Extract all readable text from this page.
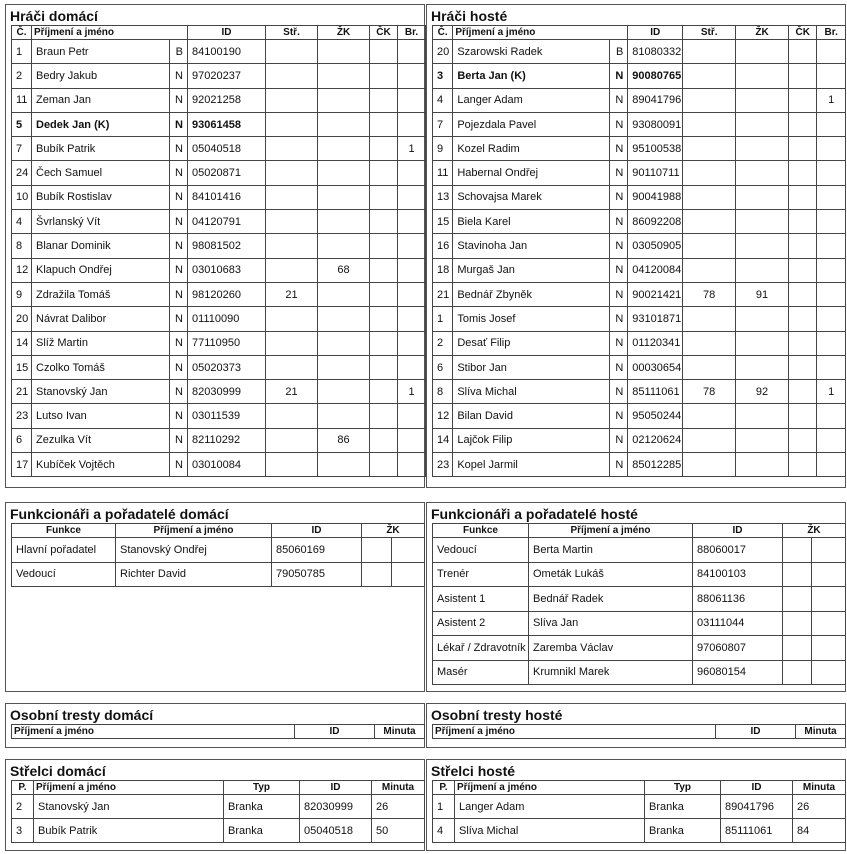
Hráči domácí
Č.	Příjmení a jméno		ID	Stř.	ŽK	ČK	Br.
1	Braun Petr	B	84100190				
2	Bedry Jakub	N	97020237				
11	Zeman Jan	N	92021258				
5	Dedek Jan (K)	N	93061458				
7	Bubík Patrik	N	05040518				1
24	Čech Samuel	N	05020871				
10	Bubík Rostislav	N	84101416				
4	Švrlanský Vít	N	04120791				
8	Blanar Dominik	N	98081502				
12	Klapuch Ondřej	N	03010683		68		
9	Zdražila Tomáš	N	98120260	21			
20	Návrat Dalibor	N	01110090				
14	Slíž Martin	N	77110950				
15	Czolko Tomáš	N	05020373				
21	Stanovský Jan	N	82030999	21			1
23	Lutso Ivan	N	03011539				
6	Zezulka Vít	N	82110292		86		
17	Kubíček Vojtěch	N	03010084				
Hráči hosté
Č.	Příjmení a jméno		ID	Stř.	ŽK	ČK	Br.
20	Szarowski Radek	B	81080332				
3	Berta Jan (K)	N	90080765				
4	Langer Adam	N	89041796				1
7	Pojezdala Pavel	N	93080091				
9	Kozel Radim	N	95100538				
11	Habernal Ondřej	N	90110711				
13	Schovajsa Marek	N	90041988				
15	Biela Karel	N	86092208				
16	Stavinoha Jan	N	03050905				
18	Murgaš Jan	N	04120084				
21	Bednář Zbyněk	N	90021421	78	91		
1	Tomis Josef	N	93101871				
2	Desať Filip	N	01120341				
6	Stibor Jan	N	00030654				
8	Slíva Michal	N	85111061	78	92		1
12	Bilan David	N	95050244				
14	Lajčok Filip	N	02120624				
23	Kopel Jarmil	N	85012285				
Funkcionáři a pořadatelé domácí
Funkce	Příjmení a jméno	ID	ŽK	
Hlavní pořadatel	Stanovský Ondřej	85060169		
Vedoucí	Richter David	79050785		
Funkcionáři a pořadatelé hosté
Funkce	Příjmení a jméno	ID	ŽK	
Vedoucí	Berta Martin	88060017		
Trenér	Ometák Lukáš	84100103		
Asistent 1	Bednář Radek	88061136		
Asistent 2	Slíva Jan	03111044		
Lékař / Zdravotník	Zaremba Václav	97060807		
Masér	Krumnikl Marek	96080154		
Osobní tresty domácí
Příjmení a jméno	ID	Minuta
Osobní tresty hosté
Příjmení a jméno	ID	Minuta
Střelci domácí
P.	Příjmení a jméno	Typ	ID	Minuta
2	Stanovský Jan	Branka	82030999	26
3	Bubík Patrik	Branka	05040518	50
Střelci hosté
P.	Příjmení a jméno	Typ	ID	Minuta
1	Langer Adam	Branka	89041796	26
4	Slíva Michal	Branka	85111061	84
